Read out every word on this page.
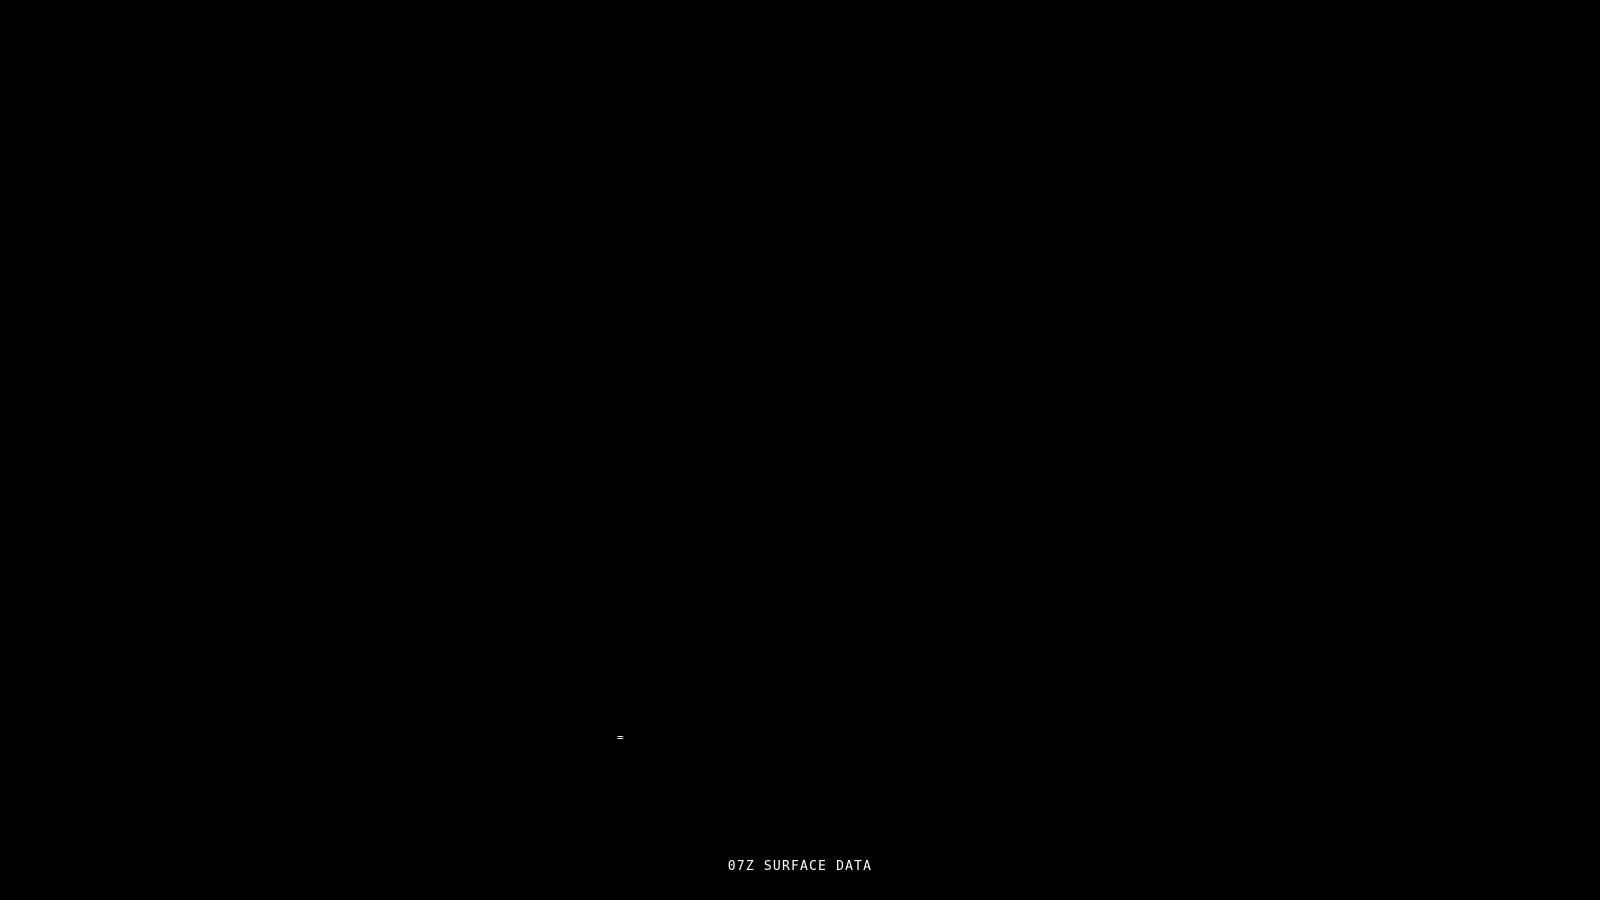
=
07Z SURFACE DATA
